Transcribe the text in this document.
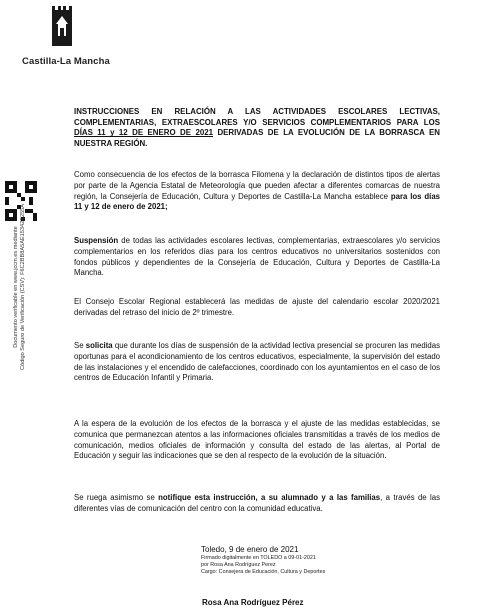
Castilla-La Mancha
Documento verificable en www.jccm.es mediante Código Seguro de Verificación (CSV): F6C2BB8A5AE15342E255A
INSTRUCCIONES EN RELACIÓN A LAS ACTIVIDADES ESCOLARES LECTIVAS, COMPLEMENTARIAS, EXTRAESCOLARES Y/O SERVICIOS COMPLEMENTARIOS PARA LOS DÍAS 11 y 12 DE ENERO DE 2021 DERIVADAS DE LA EVOLUCIÓN DE LA BORRASCA EN NUESTRA REGIÓN.
Como consecuencia de los efectos de la borrasca Filomena y la declaración de distintos tipos de alertas por parte de la Agencia Estatal de Meteorología que pueden afectar a diferentes comarcas de nuestra región, la Consejería de Educación, Cultura y Deportes de Castilla-La Mancha establece para los días 11 y 12 de enero de 2021;
Suspensión de todas las actividades escolares lectivas, complementarias, extraescolares y/o servicios complementarios en los referidos días para los centros educativos no universitarios sostenidos con fondos públicos y dependientes de la Consejería de Educación, Cultura y Deportes de Castilla-La Mancha.
El Consejo Escolar Regional establecerá las medidas de ajuste del calendario escolar 2020/2021 derivadas del retraso del inicio de 2º trimestre.
Se solicita que durante los días de suspensión de la actividad lectiva presencial se procuren las medidas oportunas para el acondicionamiento de los centros educativos, especialmente, la supervisión del estado de las instalaciones y el encendido de calefacciones, coordinado con los ayuntamientos en el caso de los centros de Educación Infantil y Primaria.
A la espera de la evolución de los efectos de la borrasca y el ajuste de las medidas establecidas, se comunica que permanezcan atentos a las informaciones oficiales transmitidas a través de los medios de comunicación, medios oficiales de información y consulta del estado de las alertas, al Portal de Educación y seguir las indicaciones que se den al respecto de la evolución de la situación.
Se ruega asimismo se notifique esta instrucción, a su alumnado y a las familias, a través de las diferentes vías de comunicación del centro con la comunidad educativa.
Toledo, 9 de enero de 2021
Firmado digitalmente en TOLEDO a 09-01-2021
por Rosa Ana Rodríguez Perez
Cargo: Consejera de Educación, Cultura y Deportes
Rosa Ana Rodríguez Pérez
